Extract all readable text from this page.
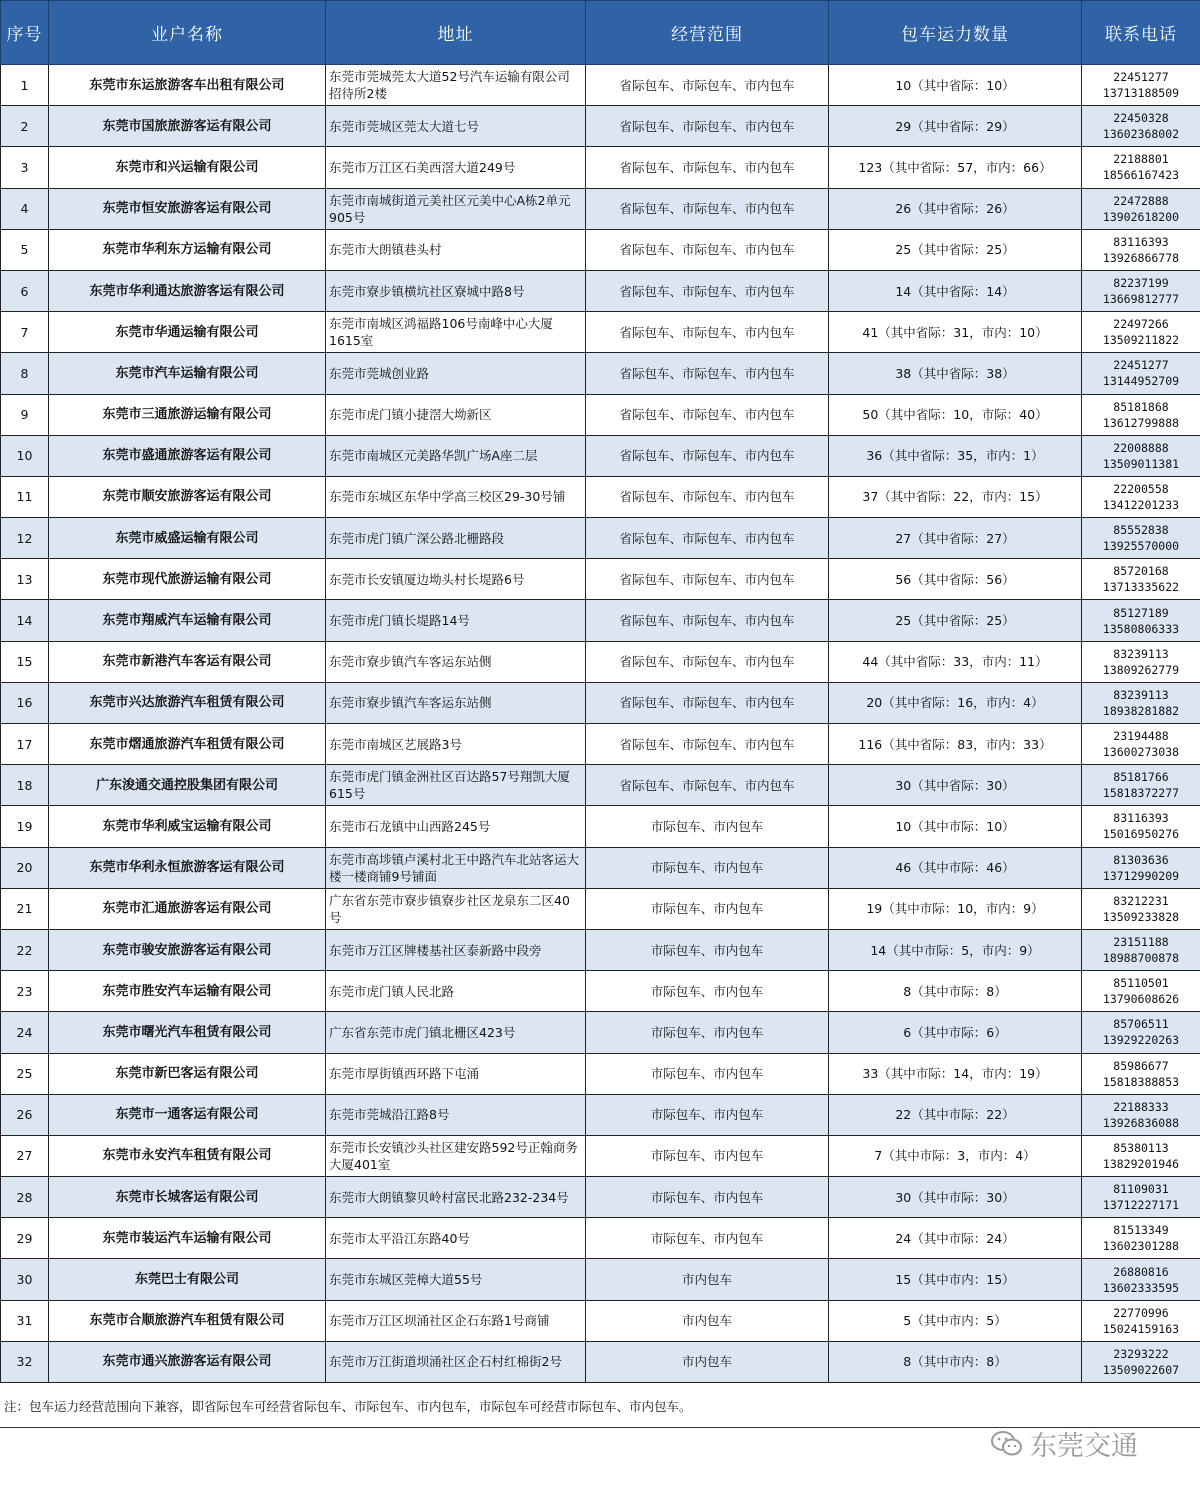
序号	业户名称	地址	经营范围	包车运力数量	联系电话
1	东莞市东运旅游客车出租有限公司	东莞市莞城莞太大道52号汽车运输有限公司招待所2楼	省际包车、市际包车、市内包车	10（其中省际：10）	22451277
13713188509

2	东莞市国旅旅游客运有限公司	东莞市莞城区莞太大道七号	省际包车、市际包车、市内包车	29（其中省际：29）	22450328
13602368002

3	东莞市和兴运输有限公司	东莞市万江区石美西滘大道249号	省际包车、市际包车、市内包车	123（其中省际：57，市内：66）	22188801
18566167423

4	东莞市恒安旅游客运有限公司	东莞市南城街道元美社区元美中心A栋2单元905号	省际包车、市际包车、市内包车	26（其中省际：26）	22472888
13902618200

5	东莞市华利东方运输有限公司	东莞市大朗镇巷头村	省际包车、市际包车、市内包车	25（其中省际：25）	83116393
13926866778

6	东莞市华利通达旅游客运有限公司	东莞市寮步镇横坑社区寮城中路8号	省际包车、市际包车、市内包车	14（其中省际：14）	82237199
13669812777

7	东莞市华通运输有限公司	东莞市南城区鸿福路106号南峰中心大厦1615室	省际包车、市际包车、市内包车	41（其中省际：31，市内：10）	22497266
13509211822

8	东莞市汽车运输有限公司	东莞市莞城创业路	省际包车、市际包车、市内包车	38（其中省际：38）	22451277
13144952709

9	东莞市三通旅游运输有限公司	东莞市虎门镇小捷滘大坳新区	省际包车、市际包车、市内包车	50（其中省际：10，市际：40）	85181868
13612799888

10	东莞市盛通旅游客运有限公司	东莞市南城区元美路华凯广场A座二层	省际包车、市际包车、市内包车	36（其中省际：35，市内：1）	22008888
13509011381

11	东莞市顺安旅游客运有限公司	东莞市东城区东华中学高三校区29-30号铺	省际包车、市际包车、市内包车	37（其中省际：22，市内：15）	22200558
13412201233

12	东莞市威盛运输有限公司	东莞市虎门镇广深公路北栅路段	省际包车、市际包车、市内包车	27（其中省际：27）	85552838
13925570000

13	东莞市现代旅游运输有限公司	东莞市长安镇厦边坳头村长堤路6号	省际包车、市际包车、市内包车	56（其中省际：56）	85720168
13713335622

14	东莞市翔威汽车运输有限公司	东莞市虎门镇长堤路14号	省际包车、市际包车、市内包车	25（其中省际：25）	85127189
13580806333

15	东莞市新港汽车客运有限公司	东莞市寮步镇汽车客运东站侧	省际包车、市际包车、市内包车	44（其中省际：33，市内：11）	83239113
13809262779

16	东莞市兴达旅游汽车租赁有限公司	东莞市寮步镇汽车客运东站侧	省际包车、市际包车、市内包车	20（其中省际：16，市内：4）	83239113
18938281882

17	东莞市熠通旅游汽车租赁有限公司	东莞市南城区艺展路3号	省际包车、市际包车、市内包车	116（其中省际：83，市内：33）	23194488
13600273038

18	广东浚通交通控股集团有限公司	东莞市虎门镇金洲社区百达路57号翔凯大厦615号	省际包车、市际包车、市内包车	30（其中省际：30）	85181766
15818372277

19	东莞市华利威宝运输有限公司	东莞市石龙镇中山西路245号	市际包车、市内包车	10（其中市际：10）	83116393
15016950276

20	东莞市华利永恒旅游客运有限公司	东莞市高埗镇卢溪村北王中路汽车北站客运大楼一楼商铺9号铺面	市际包车、市内包车	46（其中市际：46）	81303636
13712990209

21	东莞市汇通旅游客运有限公司	广东省东莞市寮步镇寮步社区龙泉东二区40号	市际包车、市内包车	19（其中市际：10，市内：9）	83212231
13509233828

22	东莞市骏安旅游客运有限公司	东莞市万江区牌楼基社区泰新路中段旁	市际包车、市内包车	14（其中市际：5，市内：9）	23151188
18988700878

23	东莞市胜安汽车运输有限公司	东莞市虎门镇人民北路	市际包车、市内包车	8（其中市际：8）	85110501
13790608626

24	东莞市曙光汽车租赁有限公司	广东省东莞市虎门镇北栅区423号	市际包车、市内包车	6（其中市际：6）	85706511
13929220263

25	东莞市新巴客运有限公司	东莞市厚街镇西环路下屯涌	市际包车、市内包车	33（其中市际：14，市内：19）	85986677
15818388853

26	东莞市一通客运有限公司	东莞市莞城沿江路8号	市际包车、市内包车	22（其中市际：22）	22188333
13926836088

27	东莞市永安汽车租赁有限公司	东莞市长安镇沙头社区建安路592号正翰商务大厦401室	市际包车、市内包车	7（其中市际：3，市内：4）	85380113
13829201946

28	东莞市长城客运有限公司	东莞市大朗镇黎贝岭村富民北路232-234号	市际包车、市内包车	30（其中市际：30）	81109031
13712227171

29	东莞市装运汽车运输有限公司	东莞市太平沿江东路40号	市际包车、市内包车	24（其中市际：24）	81513349
13602301288

30	东莞巴士有限公司	东莞市东城区莞樟大道55号	市内包车	15（其中市内：15）	26880816
13602333595

31	东莞市合顺旅游汽车租赁有限公司	东莞市万江区坝涌社区企石东路1号商铺	市内包车	5（其中市内：5）	22770996
15024159163

32	东莞市通兴旅游客运有限公司	东莞市万江街道坝涌社区企石村红棉街2号	市内包车	8（其中市内：8）	23293222
13509022607
注：包车运力经营范围向下兼容，即省际包车可经营省际包车、市际包车、市内包车，市际包车可经营市际包车、市内包车。
东莞交通
